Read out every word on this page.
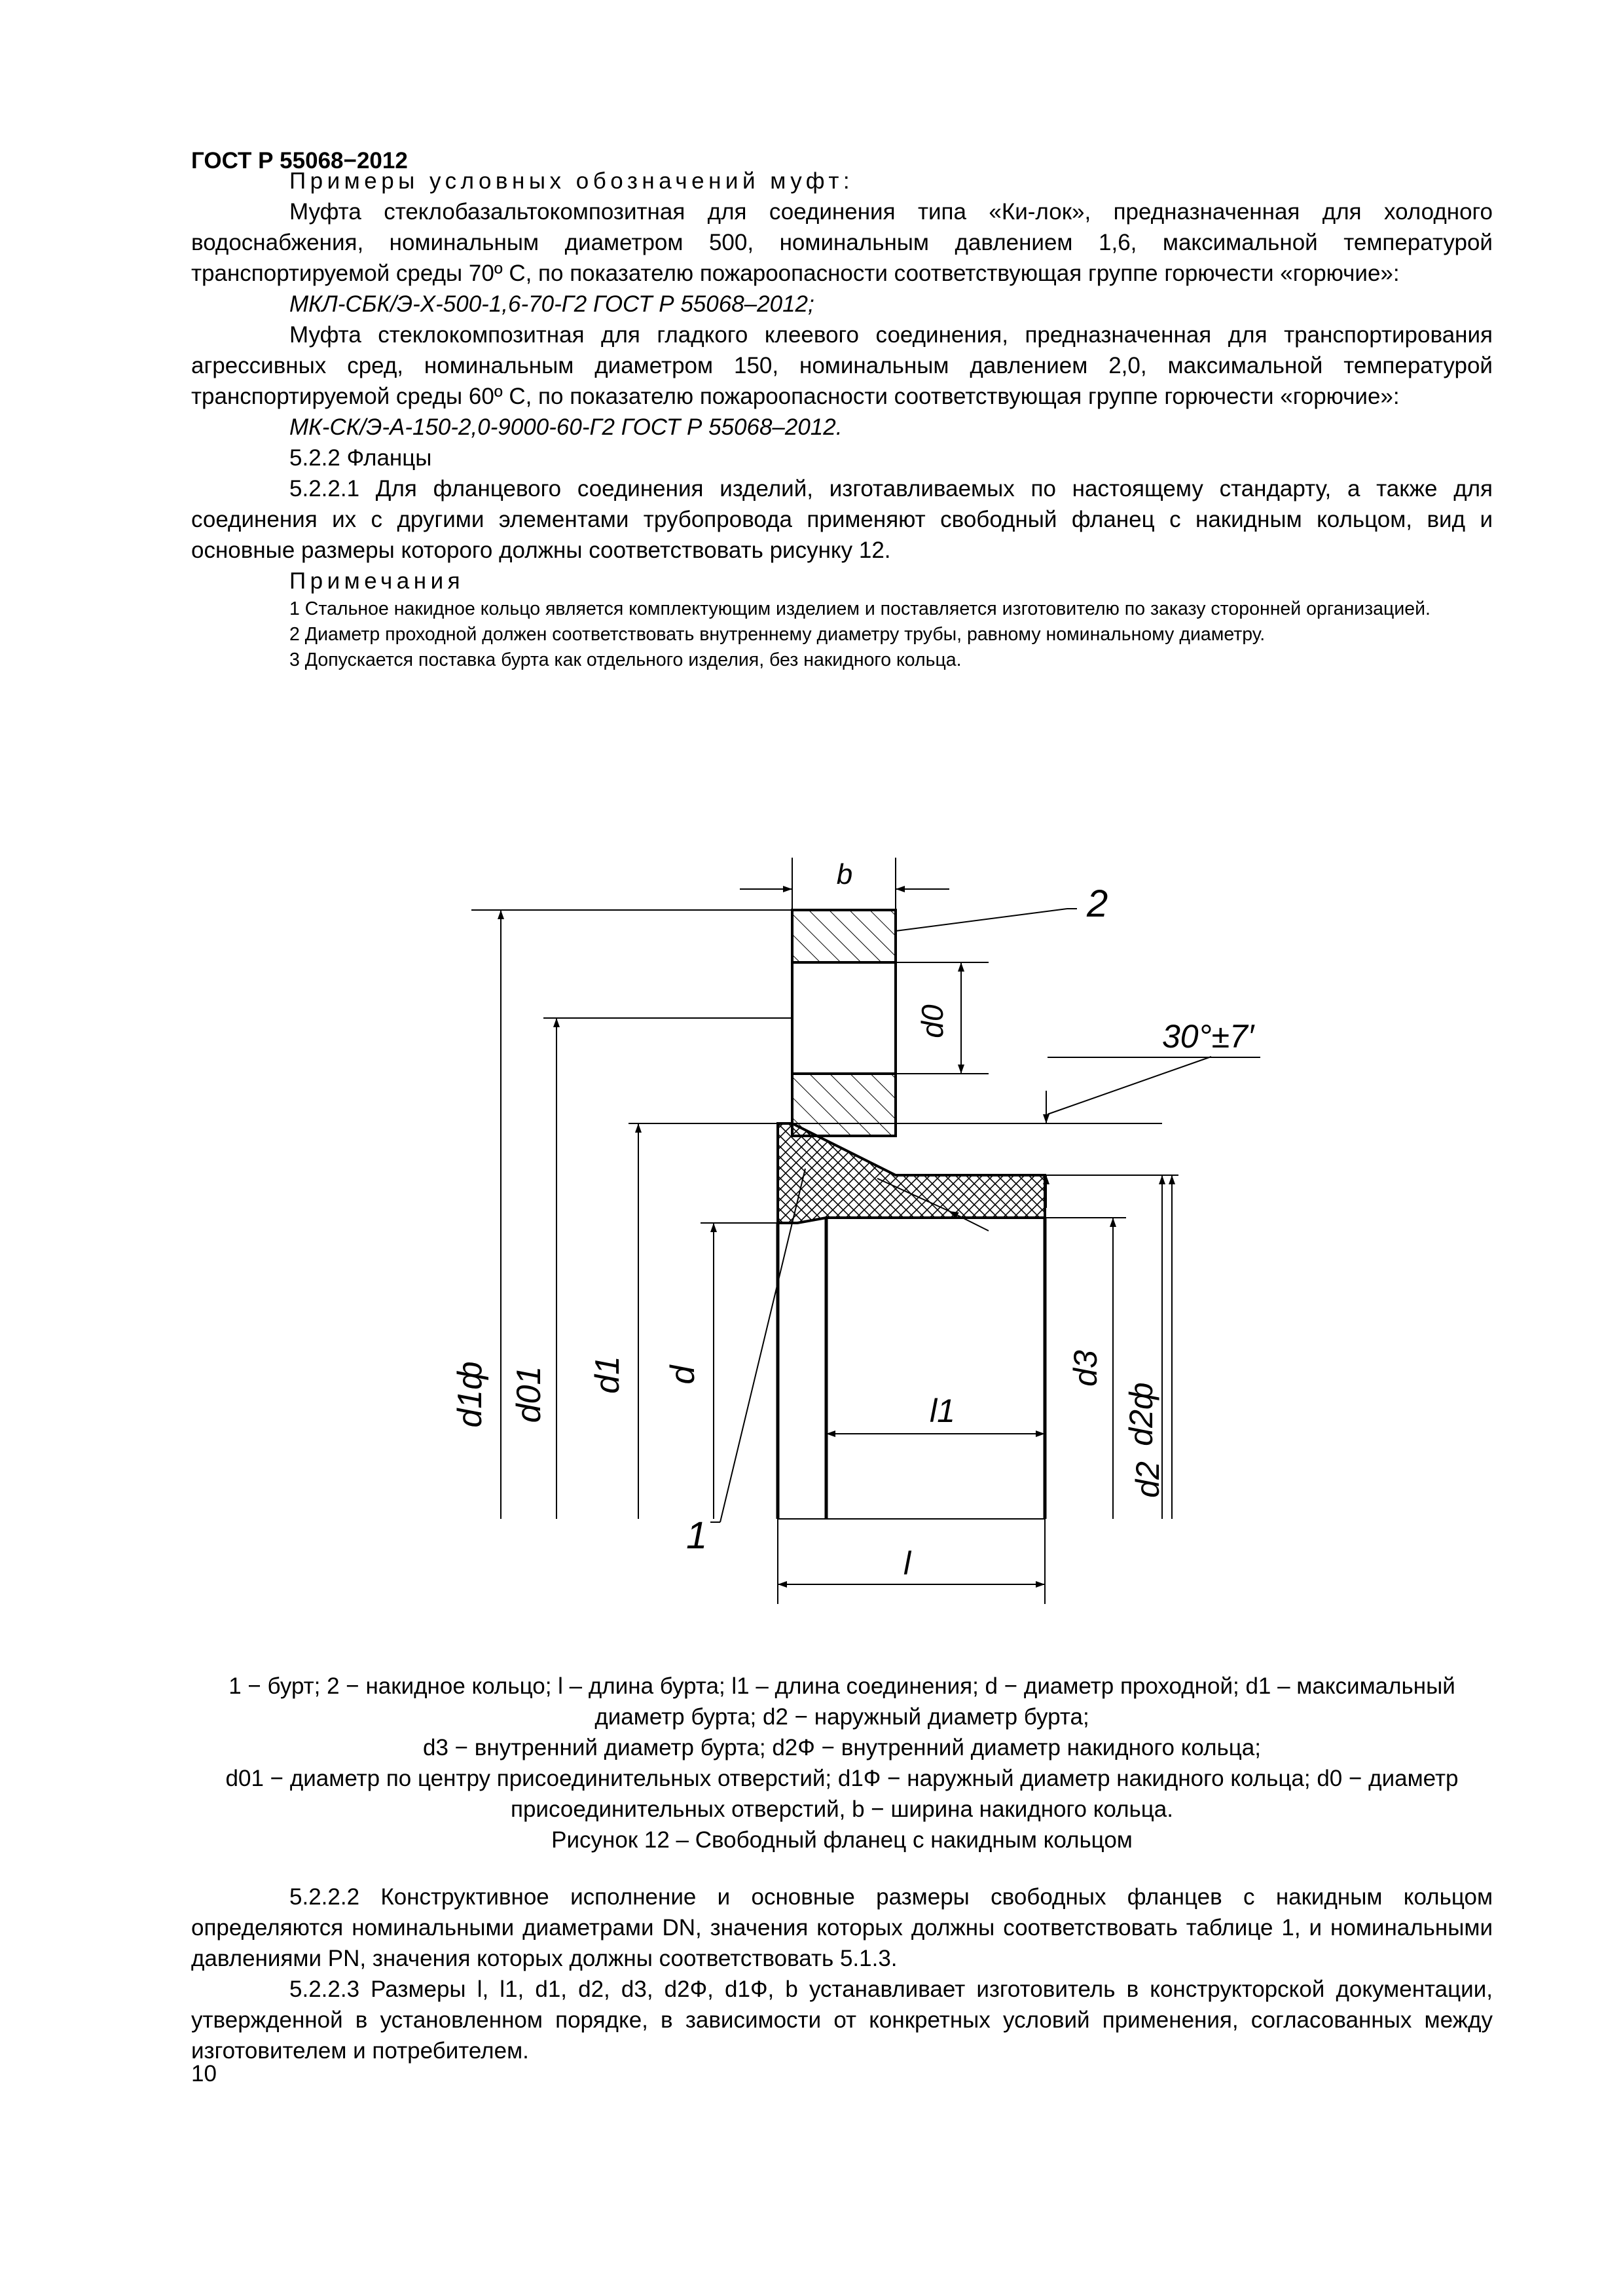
ГОСТ Р 55068−2012

Примеры условных обозначений муфт:

Муфта стеклобазальтокомпозитная для соединения типа «Ки-лок», предназначенная для холодного водоснабжения, номинальным диаметром 500, номинальным давлением 1,6, максимальной температурой транспортируемой среды 70º С, по показателю пожароопасности соответствующая группе горючести «горючие»:

МКЛ-СБК/Э-Х-500-1,6-70-Г2 ГОСТ Р 55068–2012;

Муфта стеклокомпозитная для гладкого клеевого соединения, предназначенная для транспортирования агрессивных сред, номинальным диаметром 150, номинальным давлением 2,0, максимальной температурой транспортируемой среды 60º С, по показателю пожароопасности соответствующая группе горючести «горючие»:

МК-СК/Э-А-150-2,0-9000-60-Г2 ГОСТ Р 55068–2012.

5.2.2 Фланцы

5.2.2.1 Для фланцевого соединения изделий, изготавливаемых по настоящему стандарту, а также для соединения их с другими элементами трубопровода применяют свободный фланец с накидным кольцом, вид и основные размеры которого должны соответствовать рисунку 12.

Примечания

1 Стальное накидное кольцо является комплектующим изделием и поставляется изготовителю по заказу сторонней организацией.

2 Диаметр проходной должен соответствовать внутреннему диаметру трубы, равному номинальному диаметру.

3 Допускается поставка бурта как отдельного изделия, без накидного кольца.

b
2
d0	30°±7′
d1ф d01 d1 d
1
l1
l
d3
d2ф
d2

1 − бурт; 2 − накидное кольцо; l – длина бурта; l1 – длина соединения; d − диаметр проходной; d1 – максимальный диаметр бурта; d2 − наружный диаметр бурта;

d3 − внутренний диаметр бурта; d2Ф − внутренний диаметр накидного кольца;

d01 − диаметр по центру присоединительных отверстий; d1Ф − наружный диаметр накидного кольца; d0 − диаметр присоединительных отверстий, b − ширина накидного кольца.

Рисунок 12 – Свободный фланец с накидным кольцом

5.2.2.2 Конструктивное исполнение и основные размеры свободных фланцев с накидным кольцом определяются номинальными диаметрами DN, значения которых должны соответствовать таблице 1, и номинальными давлениями PN, значения которых должны соответствовать 5.1.3.

5.2.2.3 Размеры l, l1, d1, d2, d3, d2Ф, d1Ф, b устанавливает изготовитель в конструкторской документации, утвержденной в установленном порядке, в зависимости от конкретных условий применения, согласованных между изготовителем и потребителем.

10
